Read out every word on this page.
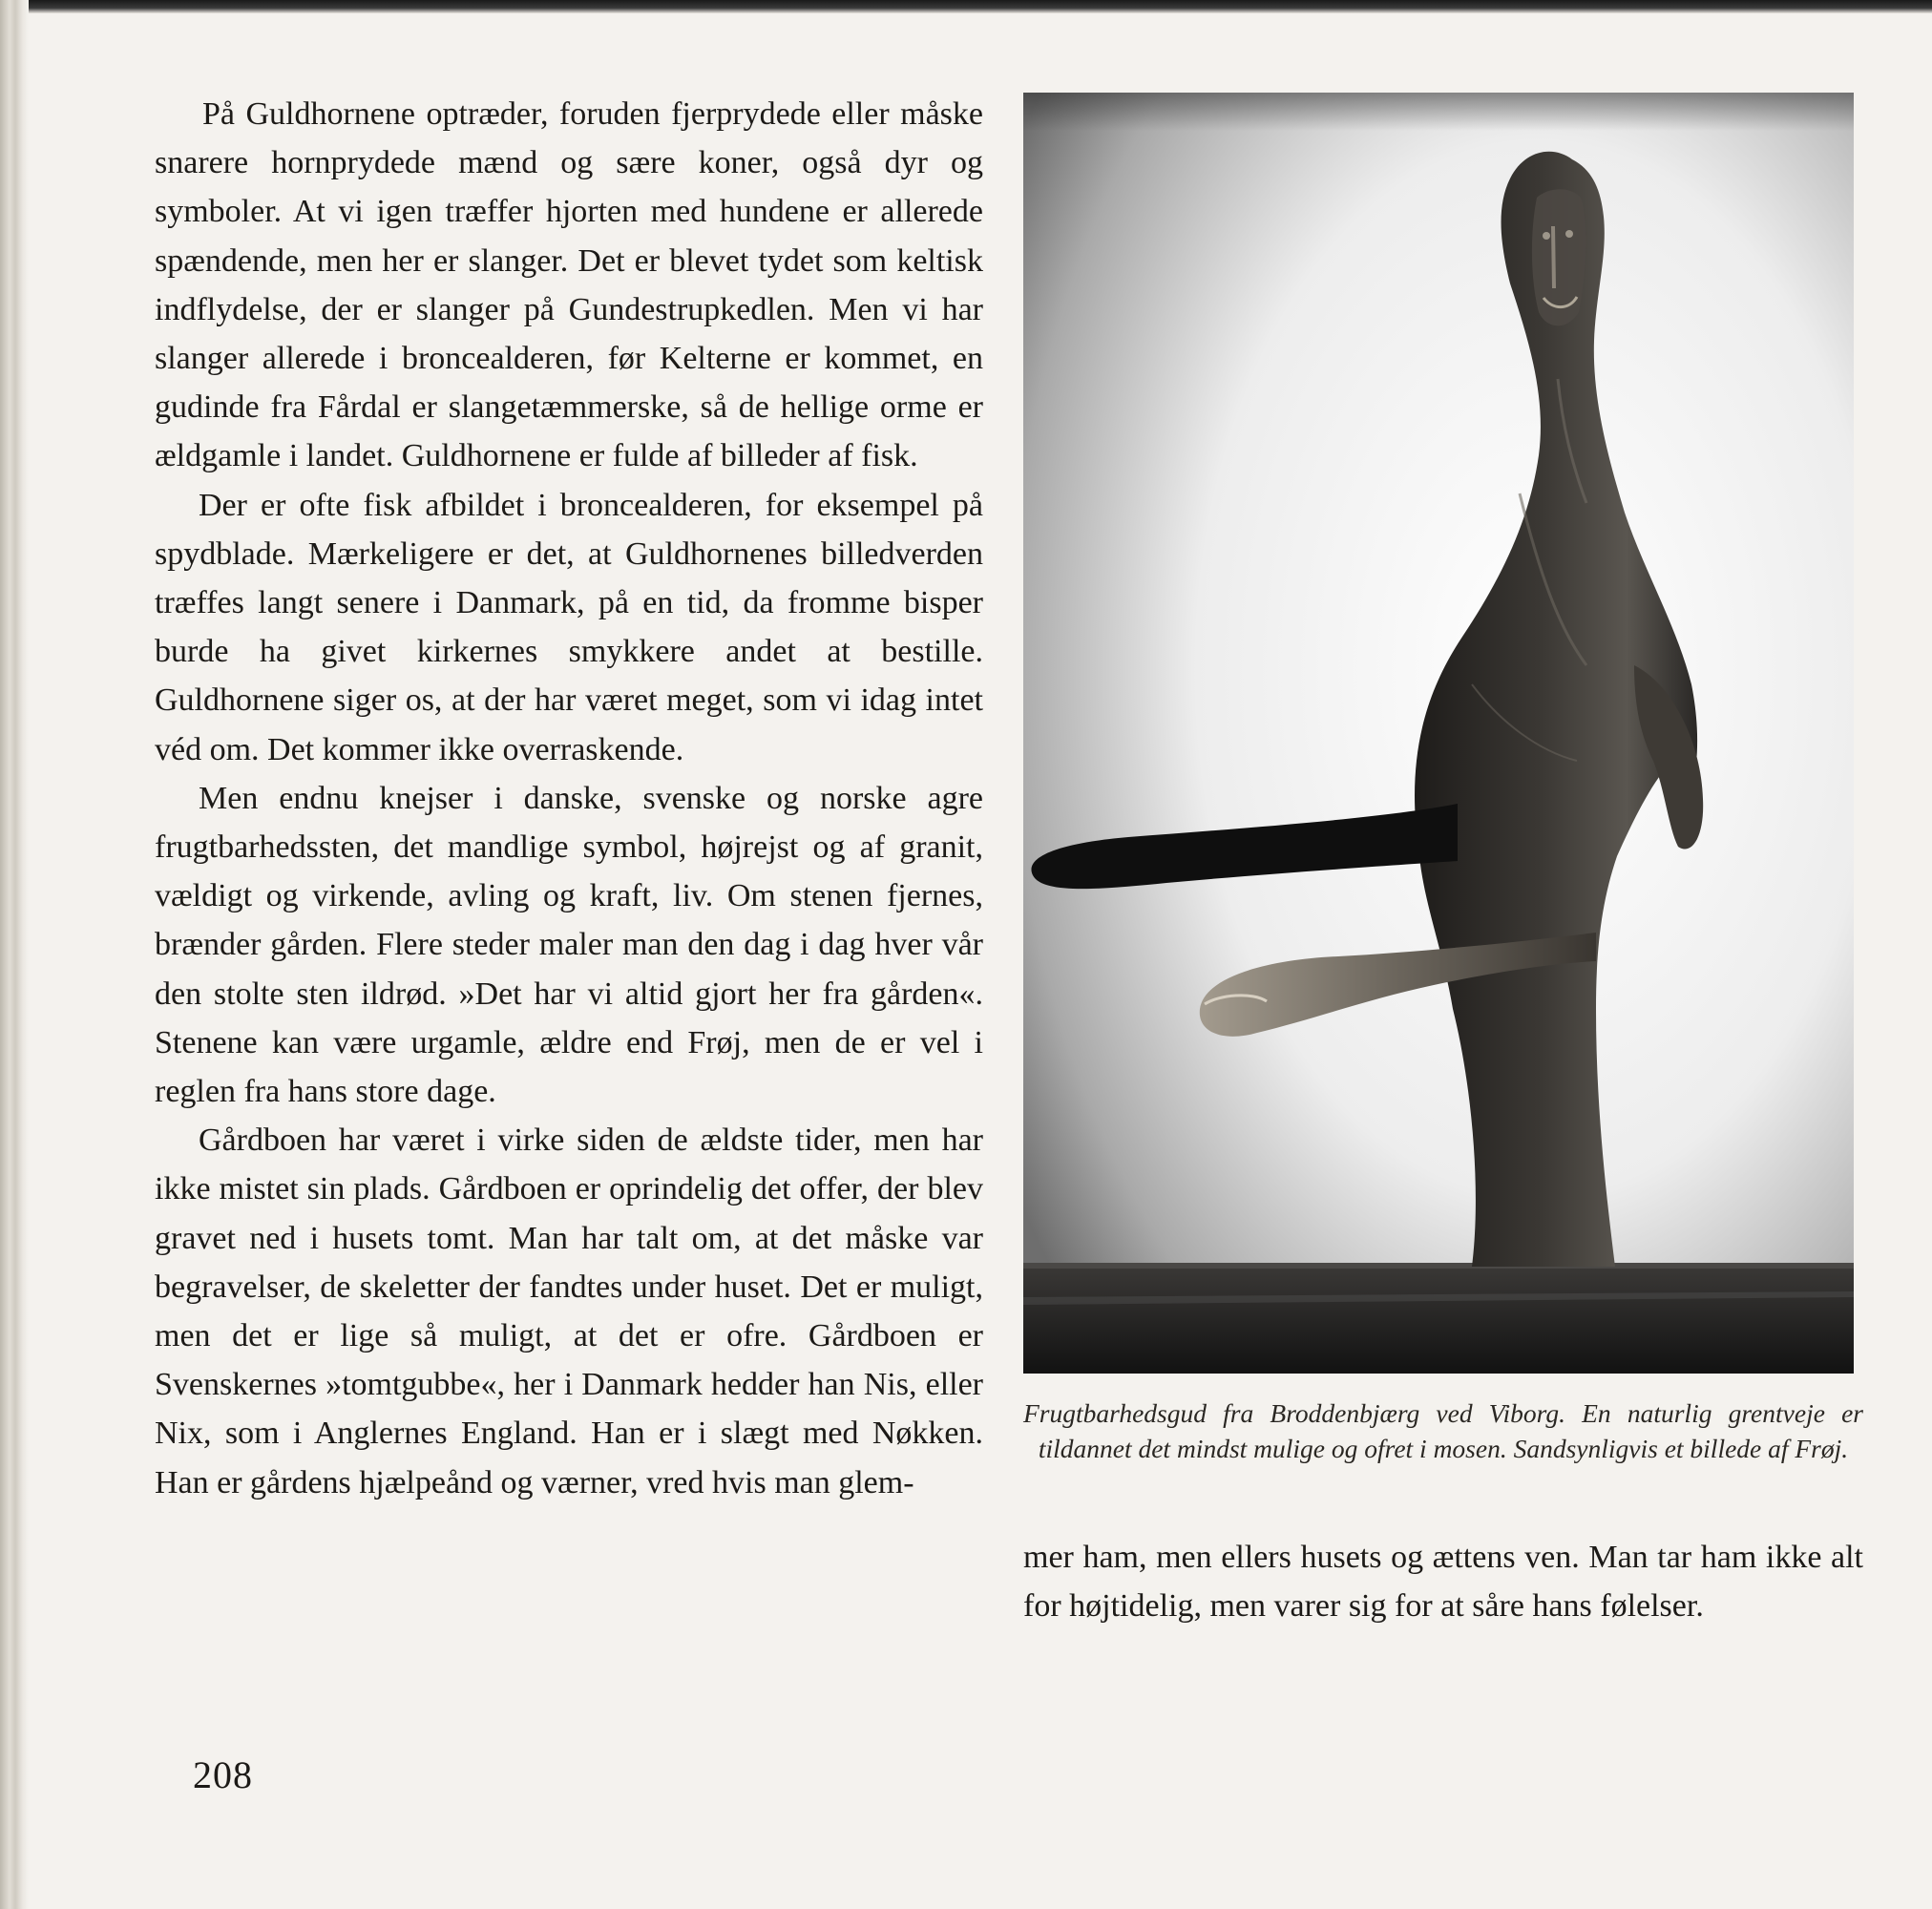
På Guldhornene optræder, foruden fjerprydede eller måske snarere hornprydede mænd og sære koner, også dyr og symboler. At vi igen træffer hjorten med hundene er allerede spændende, men her er slanger. Det er blevet tydet som keltisk indflydelse, der er slanger på Gundestrupkedlen. Men vi har slanger allerede i broncealderen, før Kelterne er kommet, en gudinde fra Fårdal er slangetæmmerske, så de hellige orme er ældgamle i landet. Guldhornene er fulde af billeder af fisk.

Der er ofte fisk afbildet i broncealderen, for eksempel på spydblade. Mærkeligere er det, at Guldhornenes billedverden træffes langt senere i Danmark, på en tid, da fromme bisper burde ha givet kirkernes smykkere andet at bestille. Guldhornene siger os, at der har været meget, som vi idag intet véd om. Det kommer ikke overraskende.

Men endnu knejser i danske, svenske og norske agre frugtbarhedssten, det mandlige symbol, højrejst og af granit, vældigt og virkende, avling og kraft, liv. Om stenen fjernes, brænder gården. Flere steder maler man den dag i dag hver vår den stolte sten ildrød. »Det har vi altid gjort her fra gården«. Stenene kan være urgamle, ældre end Frøj, men de er vel i reglen fra hans store dage.

Gårdboen har været i virke siden de ældste tider, men har ikke mistet sin plads. Gårdboen er oprindelig det offer, der blev gravet ned i husets tomt. Man har talt om, at det måske var begravelser, de skeletter der fandtes under huset. Det er muligt, men det er lige så muligt, at det er ofre. Gårdboen er Svenskernes »tomtgubbe«, her i Danmark hedder han Nis, eller Nix, som i Anglernes England. Han er i slægt med Nøkken. Han er gårdens hjælpeånd og værner, vred hvis man glem-

Frugtbarhedsgud fra Broddenbjærg ved Viborg. En naturlig grentveje er tildannet det mindst mulige og ofret i mosen. Sandsynligvis et billede af Frøj.

mer ham, men ellers husets og ættens ven. Man tar ham ikke alt for højtidelig, men varer sig for at såre hans følelser.

208
